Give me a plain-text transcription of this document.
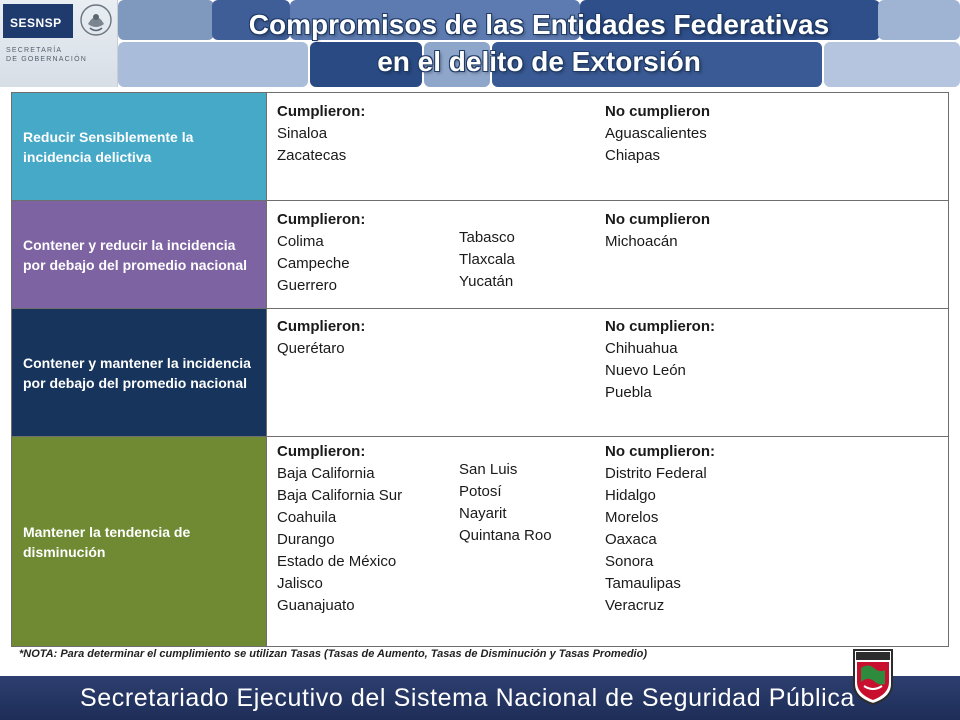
SESNSP
SECRETARÍA
DE GOBERNACIÓN
Compromisos de las Entidades Federativas
en el delito de Extorsión
Reducir Sensiblemente la incidencia delictiva
Cumplieron:
Sinaloa
Zacatecas
No cumplieron
Aguascalientes
Chiapas
Contener y reducir la incidencia por debajo del promedio nacional
Cumplieron:
Colima
Campeche
Guerrero
Tabasco
Tlaxcala
Yucatán
No cumplieron
Michoacán
Contener y mantener la incidencia por debajo del promedio nacional
Cumplieron:
Querétaro
No cumplieron:
Chihuahua
Nuevo León
Puebla
Mantener la tendencia de disminución
Cumplieron:
Baja California
Baja California Sur
Coahuila
Durango
Estado de México
Jalisco
Guanajuato
San Luis
Potosí
Nayarit
Quintana Roo
No cumplieron:
Distrito Federal
Hidalgo
Morelos
Oaxaca
Sonora
Tamaulipas
Veracruz
*NOTA: Para determinar el cumplimiento se utilizan Tasas (Tasas de Aumento, Tasas de Disminución y Tasas Promedio)
Secretariado Ejecutivo del Sistema Nacional de Seguridad Pública
